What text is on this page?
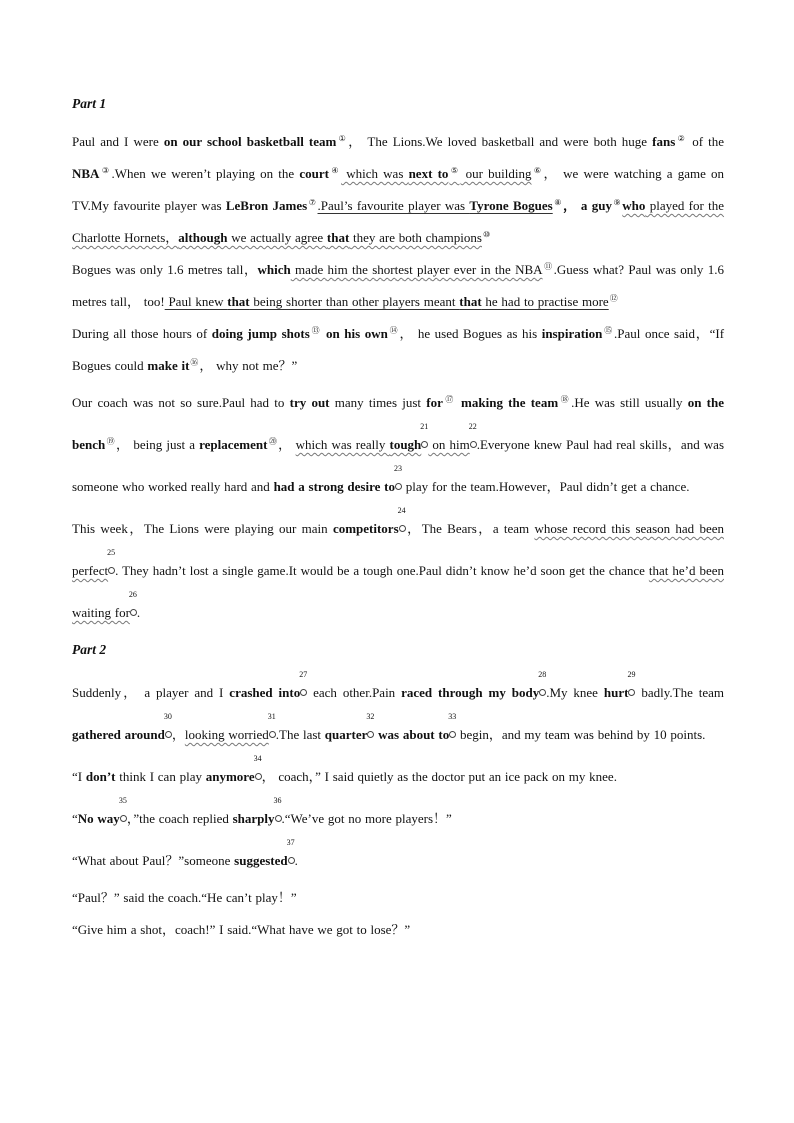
Part 1

Paul and I were on our school basketball team①， The Lions.We loved basketball and were both huge fans② of the NBA③.When we weren’t playing on the court④ which was next to⑤ our building⑥， we were watching a game on TV.My favourite player was LeBron James⑦.Paul’s favourite player was Tyrone Bogues⑧， a guy⑨who played for the Charlotte Hornets，although we actually agree that they are both champions⑩

Bogues was only 1.6 metres tall，which made him the shortest player ever in the NBA⑪.Guess what? Paul was only 1.6 metres tall， too! Paul knew that being shorter than other players meant that he had to practise more⑫

During all those hours of doing jump shots⑬ on his own⑭， he used Bogues as his inspiration⑮.Paul once said，“If Bogues could make it⑯， why not me？”

Our coach was not so sure.Paul had to try out many times just for⑰ making the team⑱.He was still usually on the bench⑲， being just a replacement⑳， which was really tough
21
on him
22
.Everyone knew Paul had real skills，and was someone who worked really hard and had a strong desire to
23
play for the team.However，Paul didn’t get a chance.

This week，The Lions were playing our main competitors
24
，The Bears，a team whose record this season had been perfect
25
. They hadn’t lost a single game.It would be a tough one.Paul didn’t know he’d soon get the chance that he’d been waiting for
26
.

Part 2

Suddenly， a player and I crashed into
27
each other.Pain raced through my body
28
.My knee hurt
29
badly.The team gathered around
30
，looking worried
31
.The last quarter
32
was about to
33
begin，and my team was behind by 10 points.

“I don’t think I can play anymore
34
， coach，” I said quietly as the doctor put an ice pack on my knee.

“No way
35
，”the coach replied sharply
36
.“We’ve got no more players！”

“What about Paul？”someone suggested
37
.

“Paul？” said the coach.“He can’t play！”

“Give him a shot，coach!” I said.“What have we got to lose？”
